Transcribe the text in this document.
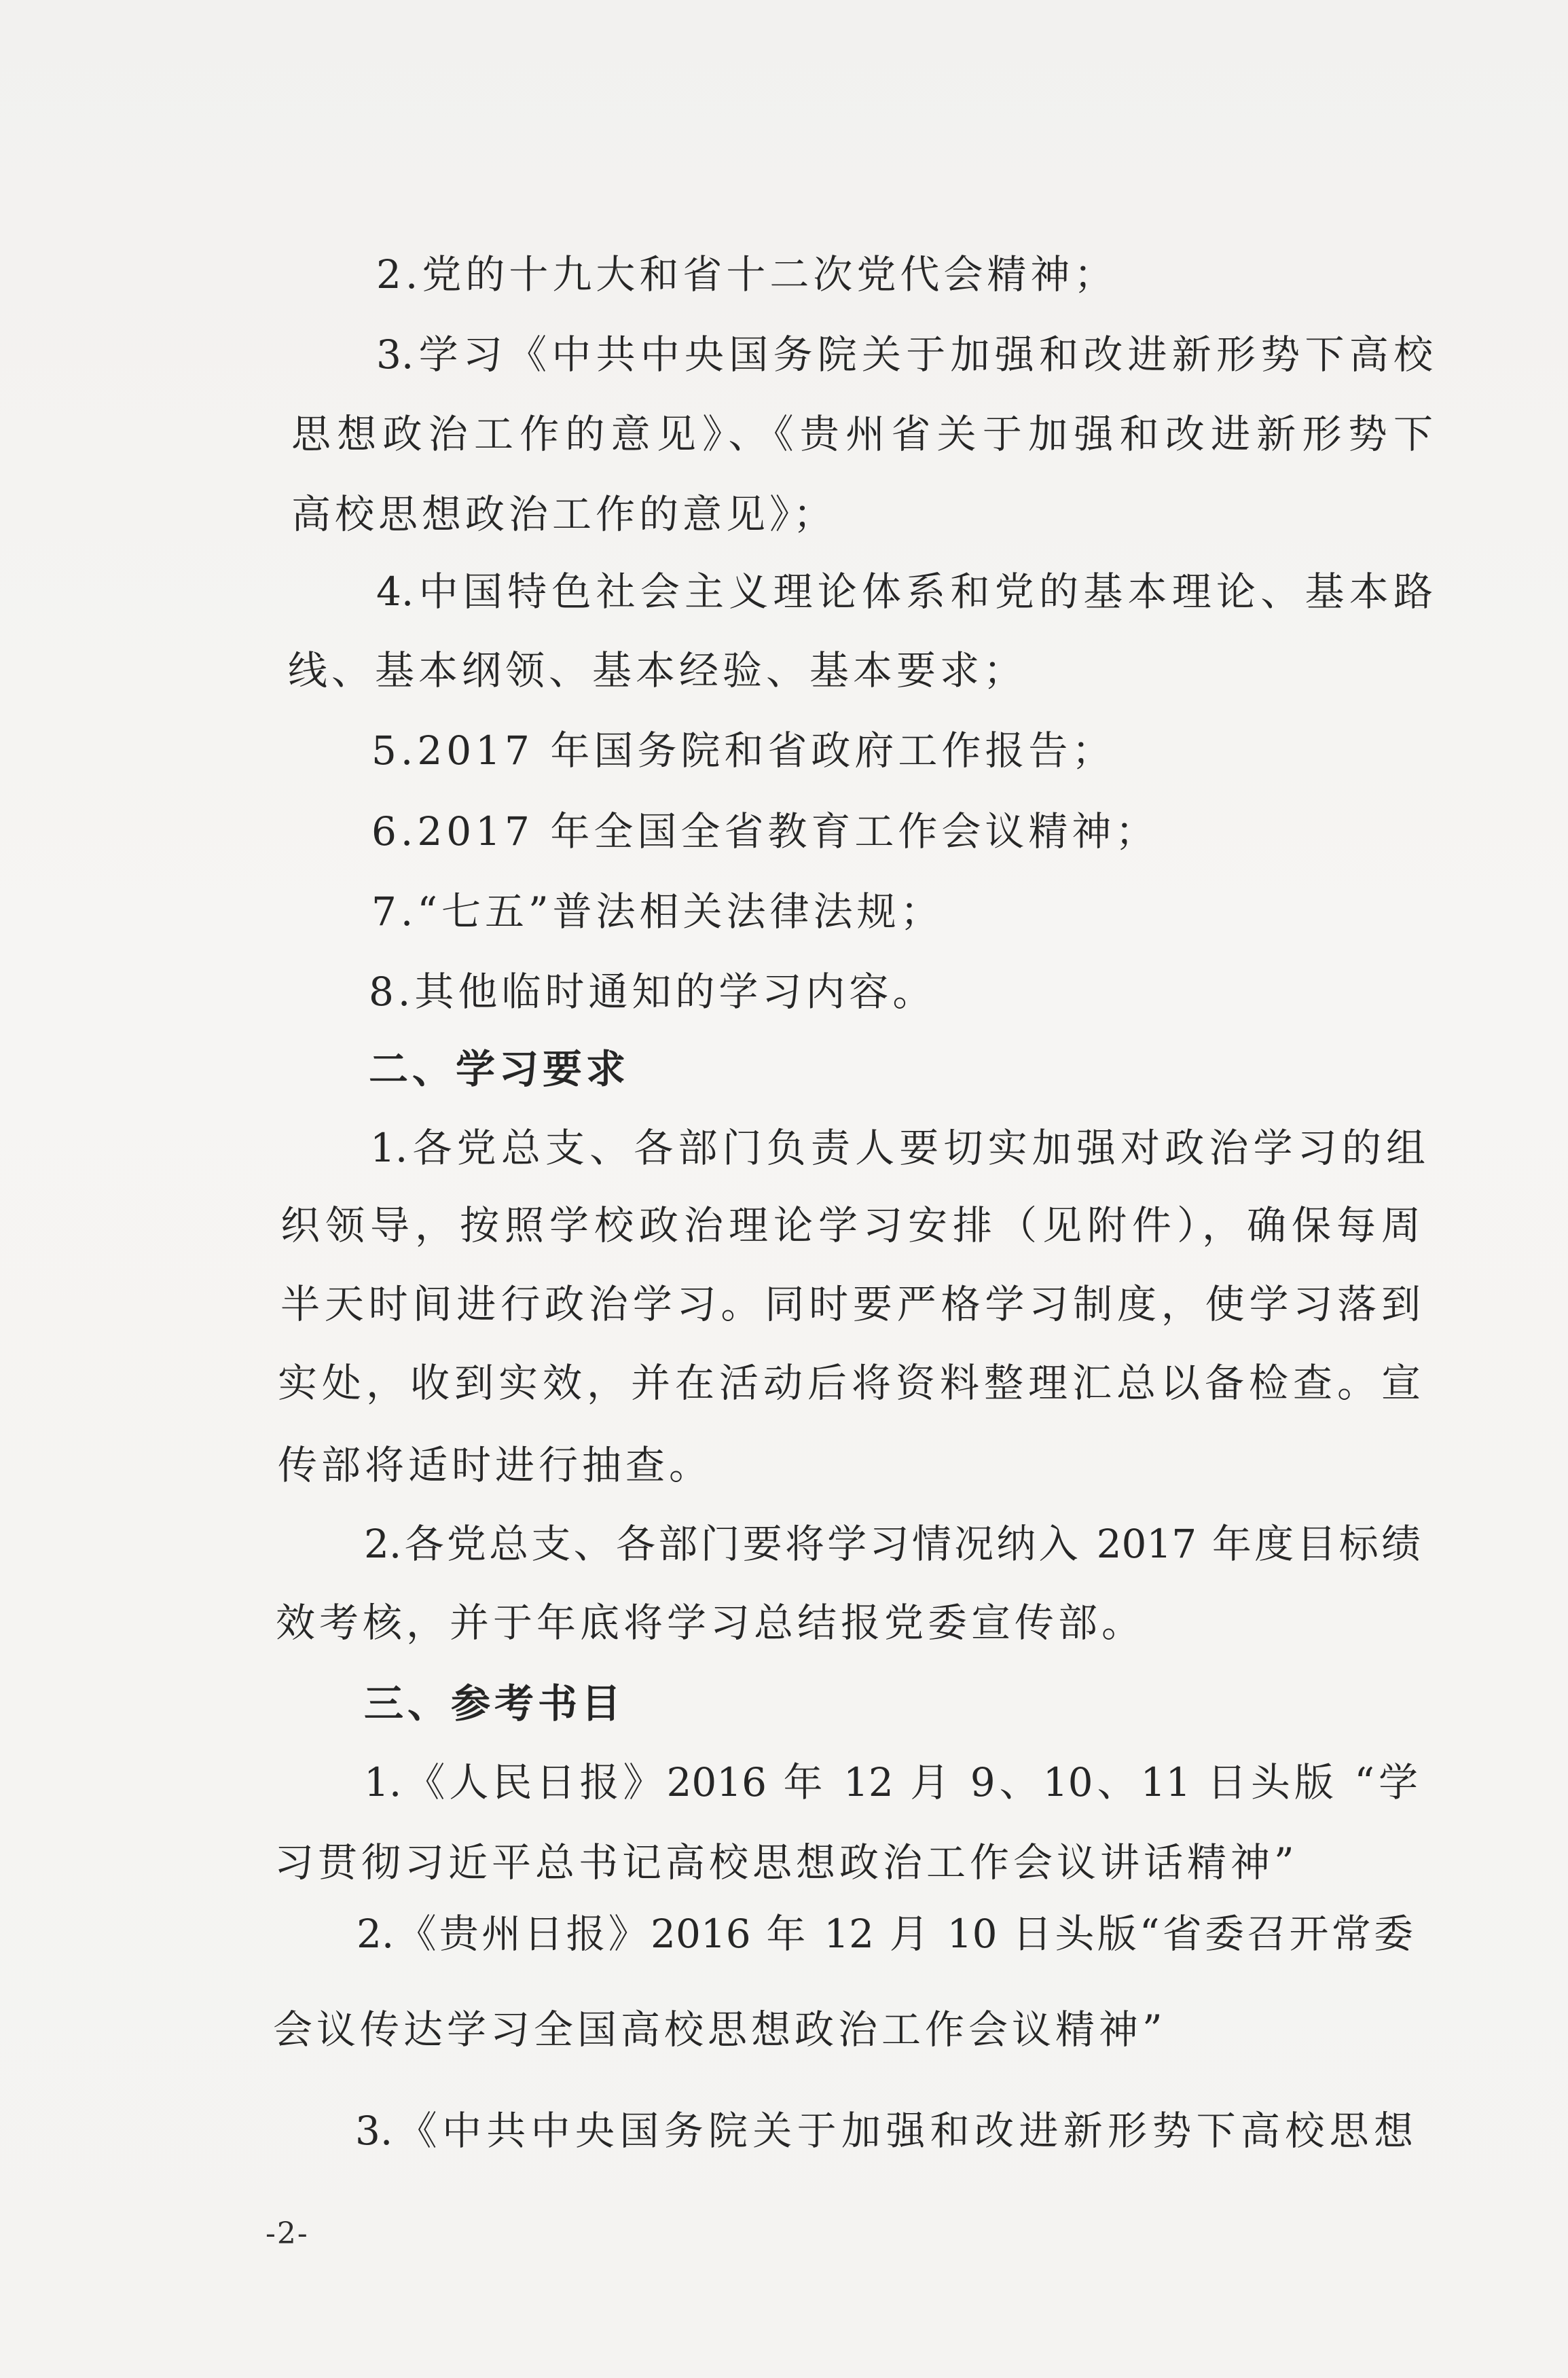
2.党的十九大和省十二次党代会精神；
3.学习《中共中央国务院关于加强和改进新形势下高校
思想政治工作的意见》、《贵州省关于加强和改进新形势下
高校思想政治工作的意见》；
4.中国特色社会主义理论体系和党的基本理论、基本路
线、基本纲领、基本经验、基本要求；
5.2017 年国务院和省政府工作报告；
6.2017 年全国全省教育工作会议精神；
7.“七五”普法相关法律法规；
8.其他临时通知的学习内容。
二、学习要求
1.各党总支、各部门负责人要切实加强对政治学习的组
织领导，按照学校政治理论学习安排（见附件），确保每周
半天时间进行政治学习。同时要严格学习制度，使学习落到
实处，收到实效，并在活动后将资料整理汇总以备检查。宣
传部将适时进行抽查。
2.各党总支、各部门要将学习情况纳入 2017 年度目标绩
效考核，并于年底将学习总结报党委宣传部。
三、参考书目
1.《人民日报》2016 年 12 月 9、10、11 日头版 “学
习贯彻习近平总书记高校思想政治工作会议讲话精神”
2.《贵州日报》2016 年 12 月 10 日头版“省委召开常委
会议传达学习全国高校思想政治工作会议精神”
3.《中共中央国务院关于加强和改进新形势下高校思想
-2-
